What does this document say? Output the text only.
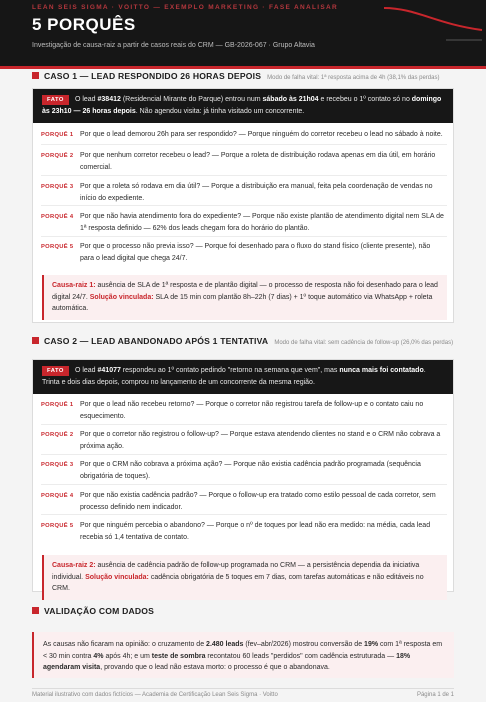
LEAN SEIS SIGMA · VOITTO — EXEMPLO MARKETING · FASE ANALISAR
5 PORQUÊS
Investigação de causa-raiz a partir de casos reais do CRM — GB-2026-067 · Grupo Altavia
CASO 1 — LEAD RESPONDIDO 26 HORAS DEPOIS Modo de falha vital: 1ª resposta acima de 4h (38,1% das perdas)
FATO O lead #38412 (Residencial Mirante do Parque) entrou num sábado às 21h04 e recebeu o 1º contato só no domingo às 23h10 — 26 horas depois. Não agendou visita: já tinha visitado um concorrente.
PORQUÊ 1 Por que o lead demorou 26h para ser respondido? — Porque ninguém do corretor recebeu o lead no sábado à noite.
PORQUÊ 2 Por que nenhum corretor recebeu o lead? — Porque a roleta de distribuição rodava apenas em dia útil, em horário comercial.
PORQUÊ 3 Por que a roleta só rodava em dia útil? — Porque a distribuição era manual, feita pela coordenação de vendas no início do expediente.
PORQUÊ 4 Por que não havia atendimento fora do expediente? — Porque não existe plantão de atendimento digital nem SLA de 1ª resposta definido — 62% dos leads chegam fora do horário do plantão.
PORQUÊ 5 Por que o processo não previa isso? — Porque foi desenhado para o fluxo do stand físico (cliente presente), não para o lead digital que chega 24/7.
Causa-raiz 1: ausência de SLA de 1ª resposta e de plantão digital — o processo de resposta não foi desenhado para o lead digital 24/7. Solução vinculada: SLA de 15 min com plantão 8h–22h (7 dias) + 1º toque automático via WhatsApp + roleta automática.
CASO 2 — LEAD ABANDONADO APÓS 1 TENTATIVA Modo de falha vital: sem cadência de follow-up (26,0% das perdas)
FATO O lead #41077 respondeu ao 1º contato pedindo "retorno na semana que vem", mas nunca mais foi contatado. Trinta e dois dias depois, comprou no lançamento de um concorrente da mesma região.
PORQUÊ 1 Por que o lead não recebeu retorno? — Porque o corretor não registrou tarefa de follow-up e o contato caiu no esquecimento.
PORQUÊ 2 Por que o corretor não registrou o follow-up? — Porque estava atendendo clientes no stand e o CRM não cobrava a próxima ação.
PORQUÊ 3 Por que o CRM não cobrava a próxima ação? — Porque não existia cadência padrão programada (sequência obrigatória de toques).
PORQUÊ 4 Por que não existia cadência padrão? — Porque o follow-up era tratado como estilo pessoal de cada corretor, sem processo definido nem indicador.
PORQUÊ 5 Por que ninguém percebia o abandono? — Porque o nº de toques por lead não era medido: na média, cada lead recebia só 1,4 tentativa de contato.
Causa-raiz 2: ausência de cadência padrão de follow-up programada no CRM — a persistência dependia da iniciativa individual. Solução vinculada: cadência obrigatória de 5 toques em 7 dias, com tarefas automáticas e não editáveis no CRM.
VALIDAÇÃO COM DADOS
As causas não ficaram na opinião: o cruzamento de 2.480 leads (fev–abr/2026) mostrou conversão de 19% com 1ª resposta em < 30 min contra 4% após 4h; e um teste de sombra recontatou 60 leads "perdidos" com cadência estruturada — 18% agendaram visita, provando que o lead não estava morto: o processo é que o abandonava.
Material ilustrativo com dados fictícios — Academia de Certificação Lean Seis Sigma · Voitto	Página 1 de 1
